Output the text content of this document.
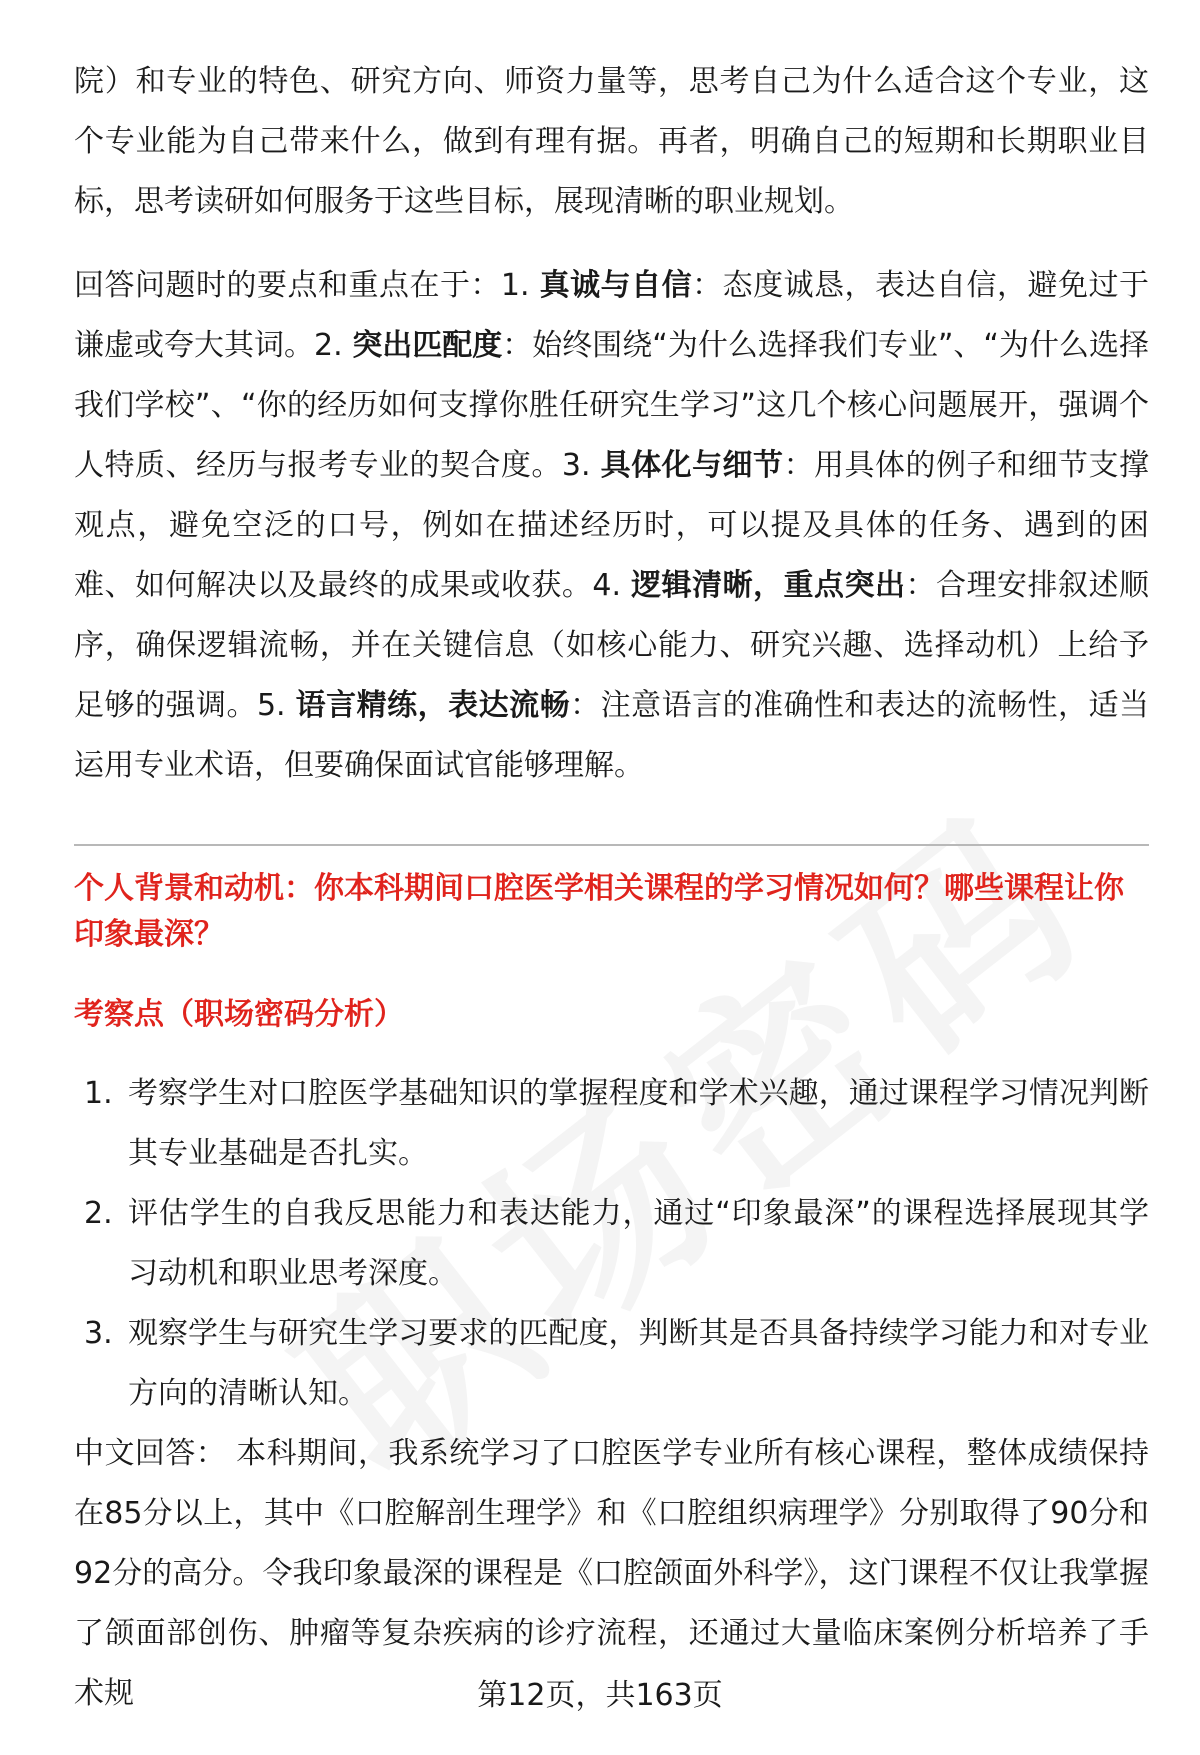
院）和专业的特色、研究方向、师资力量等，思考自己为什么适合这个专业，这个专业能为自己带来什么，做到有理有据。再者，明确自己的短期和长期职业目标，思考读研如何服务于这些目标，展现清晰的职业规划。

回答问题时的要点和重点在于：1. 真诚与自信：态度诚恳，表达自信，避免过于谦虚或夸大其词。2. 突出匹配度：始终围绕“为什么选择我们专业”、“为什么选择我们学校”、“你的经历如何支撑你胜任研究生学习”这几个核心问题展开，强调个人特质、经历与报考专业的契合度。3. 具体化与细节：用具体的例子和细节支撑观点，避免空泛的口号，例如在描述经历时，可以提及具体的任务、遇到的困难、如何解决以及最终的成果或收获。4. 逻辑清晰，重点突出：合理安排叙述顺序，确保逻辑流畅，并在关键信息（如核心能力、研究兴趣、选择动机）上给予足够的强调。5. 语言精练，表达流畅：注意语言的准确性和表达的流畅性，适当运用专业术语，但要确保面试官能够理解。

个人背景和动机：你本科期间口腔医学相关课程的学习情况如何？哪些课程让你印象最深？
考察点（职场密码分析）
1. 考察学生对口腔医学基础知识的掌握程度和学术兴趣，通过课程学习情况判断其专业基础是否扎实。
2. 评估学生的自我反思能力和表达能力，通过“印象最深”的课程选择展现其学习动机和职业思考深度。
3. 观察学生与研究生学习要求的匹配度，判断其是否具备持续学习能力和对专业方向的清晰认知。

中文回答： 本科期间，我系统学习了口腔医学专业所有核心课程，整体成绩保持在85分以上，其中《口腔解剖生理学》和《口腔组织病理学》分别取得了90分和92分的高分。令我印象最深的课程是《口腔颌面外科学》，这门课程不仅让我掌握了颌面部创伤、肿瘤等复杂疾病的诊疗流程，还通过大量临床案例分析培养了手术规	第12页，共163页
